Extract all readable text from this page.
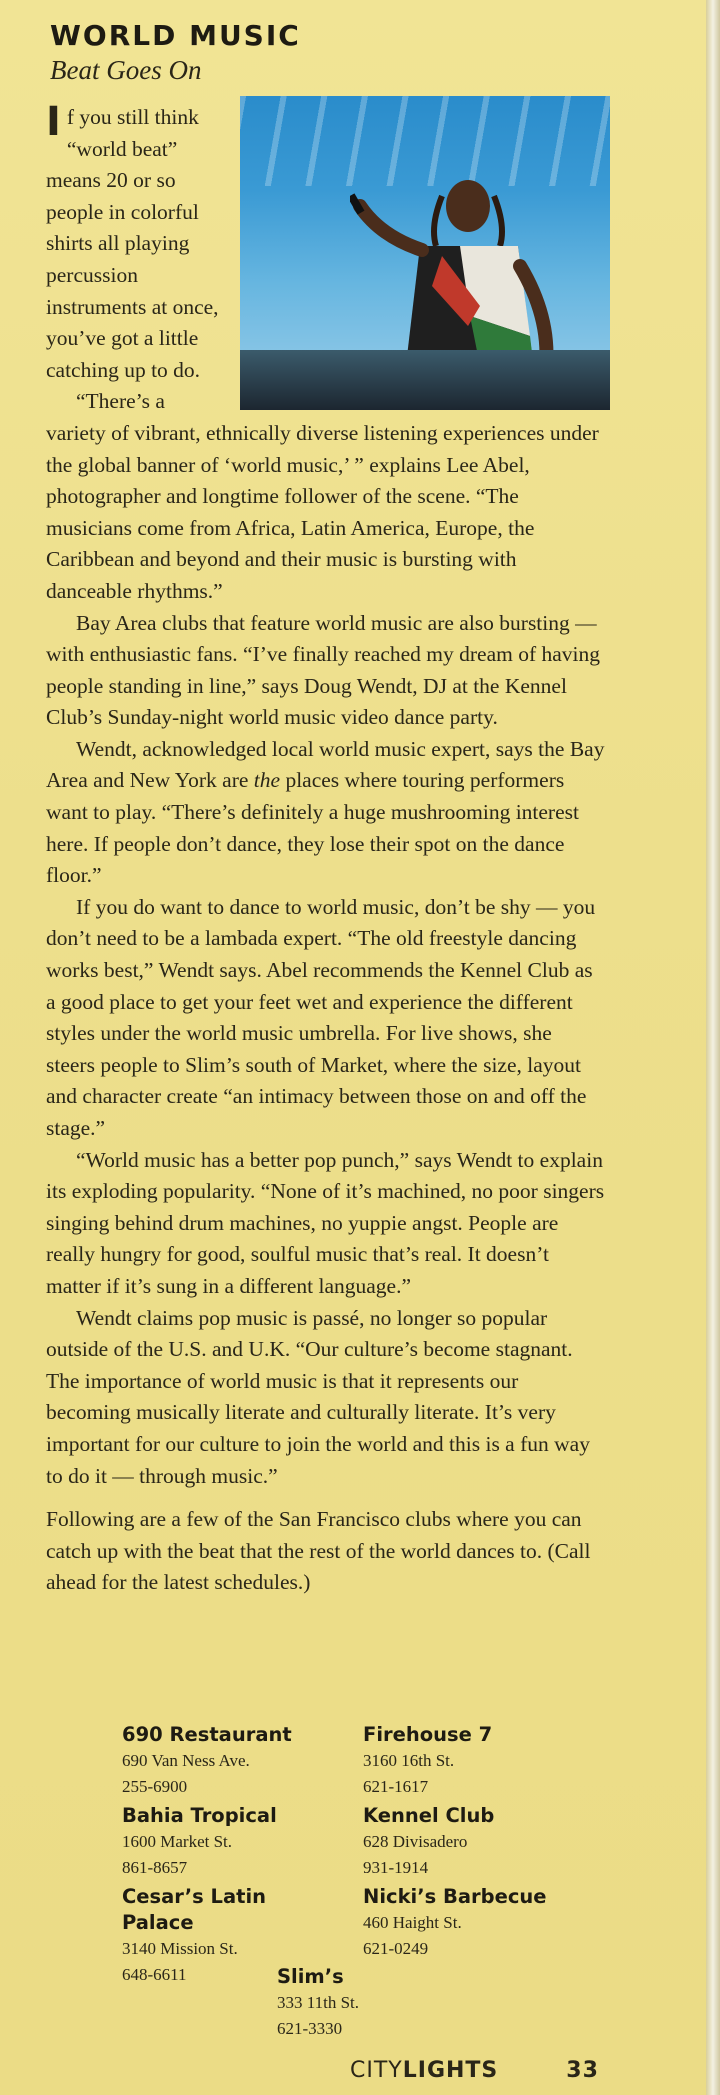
WORLD MUSIC
Beat Goes On

If you still think “world beat” means 20 or so people in colorful shirts all playing percussion instruments at once, you’ve got a little catching up to do.

“There’s a variety of vibrant, ethnically diverse listening experiences under the global banner of ‘world music,’ ” explains Lee Abel, photographer and longtime follower of the scene. “The musicians come from Africa, Latin America, Europe, the Caribbean and beyond and their music is bursting with danceable rhythms.”

Bay Area clubs that feature world music are also bursting — with enthusiastic fans. “I’ve finally reached my dream of having people standing in line,” says Doug Wendt, DJ at the Kennel Club’s Sunday-night world music video dance party.

Wendt, acknowledged local world music expert, says the Bay Area and New York are the places where touring performers want to play. “There’s definitely a huge mushrooming interest here. If people don’t dance, they lose their spot on the dance floor.”

If you do want to dance to world music, don’t be shy — you don’t need to be a lambada expert. “The old freestyle dancing works best,” Wendt says. Abel recommends the Kennel Club as a good place to get your feet wet and experience the different styles under the world music umbrella. For live shows, she steers people to Slim’s south of Market, where the size, layout and character create “an intimacy between those on and off the stage.”

“World music has a better pop punch,” says Wendt to explain its exploding popularity. “None of it’s machined, no poor singers singing behind drum machines, no yuppie angst. People are really hungry for good, soulful music that’s real. It doesn’t matter if it’s sung in a different language.”

Wendt claims pop music is passé, no longer so popular outside of the U.S. and U.K. “Our culture’s become stagnant. The importance of world music is that it represents our becoming musically literate and culturally literate. It’s very important for our culture to join the world and this is a fun way to do it — through music.”

Following are a few of the San Francisco clubs where you can catch up with the beat that the rest of the world dances to. (Call ahead for the latest schedules.)

690 Restaurant
690 Van Ness Ave.
255-6900
Firehouse 7
3160 16th St.
621-1617
Bahia Tropical
1600 Market St.
861-8657
Kennel Club
628 Divisadero
931-1914
Cesar’s Latin Palace
3140 Mission St.
648-6611
Nicki’s Barbecue
460 Haight St.
621-0249
Slim’s
333 11th St.
621-3330
CITYLIGHTS	33
